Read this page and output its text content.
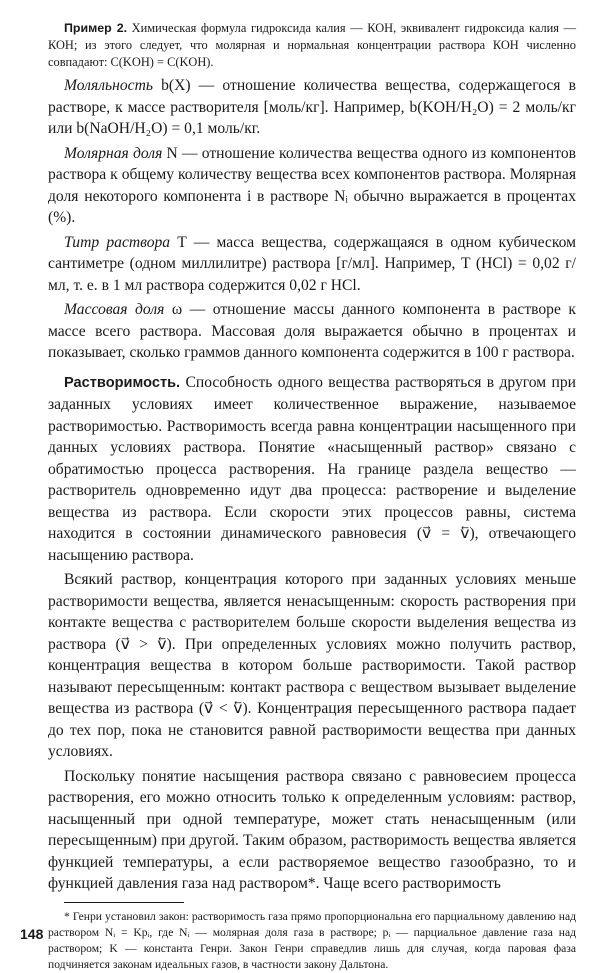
Пример 2. Химическая формула гидроксида калия — КОН, эквивалент гидроксида калия — КОН; из этого следует, что молярная и нормальная концентрации раствора КОН численно совпадают: C(KOH) = C(KOH).

Моляльность b(X) — отношение количества вещества, содержащегося в растворе, к массе растворителя [моль/кг]. Например, b(KOH/H₂O) = 2 моль/кг или b(NaOH/H₂O) = 0,1 моль/кг.

Молярная доля N — отношение количества вещества одного из компонентов раствора к общему количеству вещества всех компонентов раствора. Молярная доля некоторого компонента i в растворе Nᵢ обычно выражается в процентах (%).

Титр раствора T — масса вещества, содержащаяся в одном кубическом сантиметре (одном миллилитре) раствора [г/мл]. Например, T (HCl) = 0,02 г/мл, т. е. в 1 мл раствора содержится 0,02 г HCl.

Массовая доля ω — отношение массы данного компонента в растворе к массе всего раствора. Массовая доля выражается обычно в процентах и показывает, сколько граммов данного компонента содержится в 100 г раствора.

Растворимость. Способность одного вещества растворяться в другом при заданных условиях имеет количественное выражение, называемое растворимостью. Растворимость всегда равна концентрации насыщенного при данных условиях раствора. Понятие «насыщенный раствор» связано с обратимостью процесса растворения. На границе раздела вещество — растворитель одновременно идут два процесса: растворение и выделение вещества из раствора. Если скорости этих процессов равны, система находится в состоянии динамического равновесия (v⃗ = v⃖), отвечающего насыщению раствора.

Всякий раствор, концентрация которого при заданных условиях меньше растворимости вещества, является ненасыщенным: скорость растворения при контакте вещества с растворителем больше скорости выделения вещества из раствора (v⃗ > v⃖). При определенных условиях можно получить раствор, концентрация вещества в котором больше растворимости. Такой раствор называют пересыщенным: контакт раствора с веществом вызывает выделение вещества из раствора (v⃗ < v⃖). Концентрация пересыщенного раствора падает до тех пор, пока не становится равной растворимости вещества при данных условиях.

Поскольку понятие насыщения раствора связано с равновесием процесса растворения, его можно относить только к определенным условиям: раствор, насыщенный при одной температуре, может стать ненасыщенным (или пересыщенным) при другой. Таким образом, растворимость вещества является функцией температуры, а если растворяемое вещество газообразно, то и функцией давления газа над раствором*. Чаще всего растворимость

* Генри установил закон: растворимость газа прямо пропорциональна его парциальному давлению над раствором Nᵢ = Kpᵢ, где Nᵢ — молярная доля газа в растворе; pᵢ — парциальное давление газа над раствором; K — константа Генри. Закон Генри справедлив лишь для случая, когда паровая фаза подчиняется законам идеальных газов, в частности закону Дальтона.

148
